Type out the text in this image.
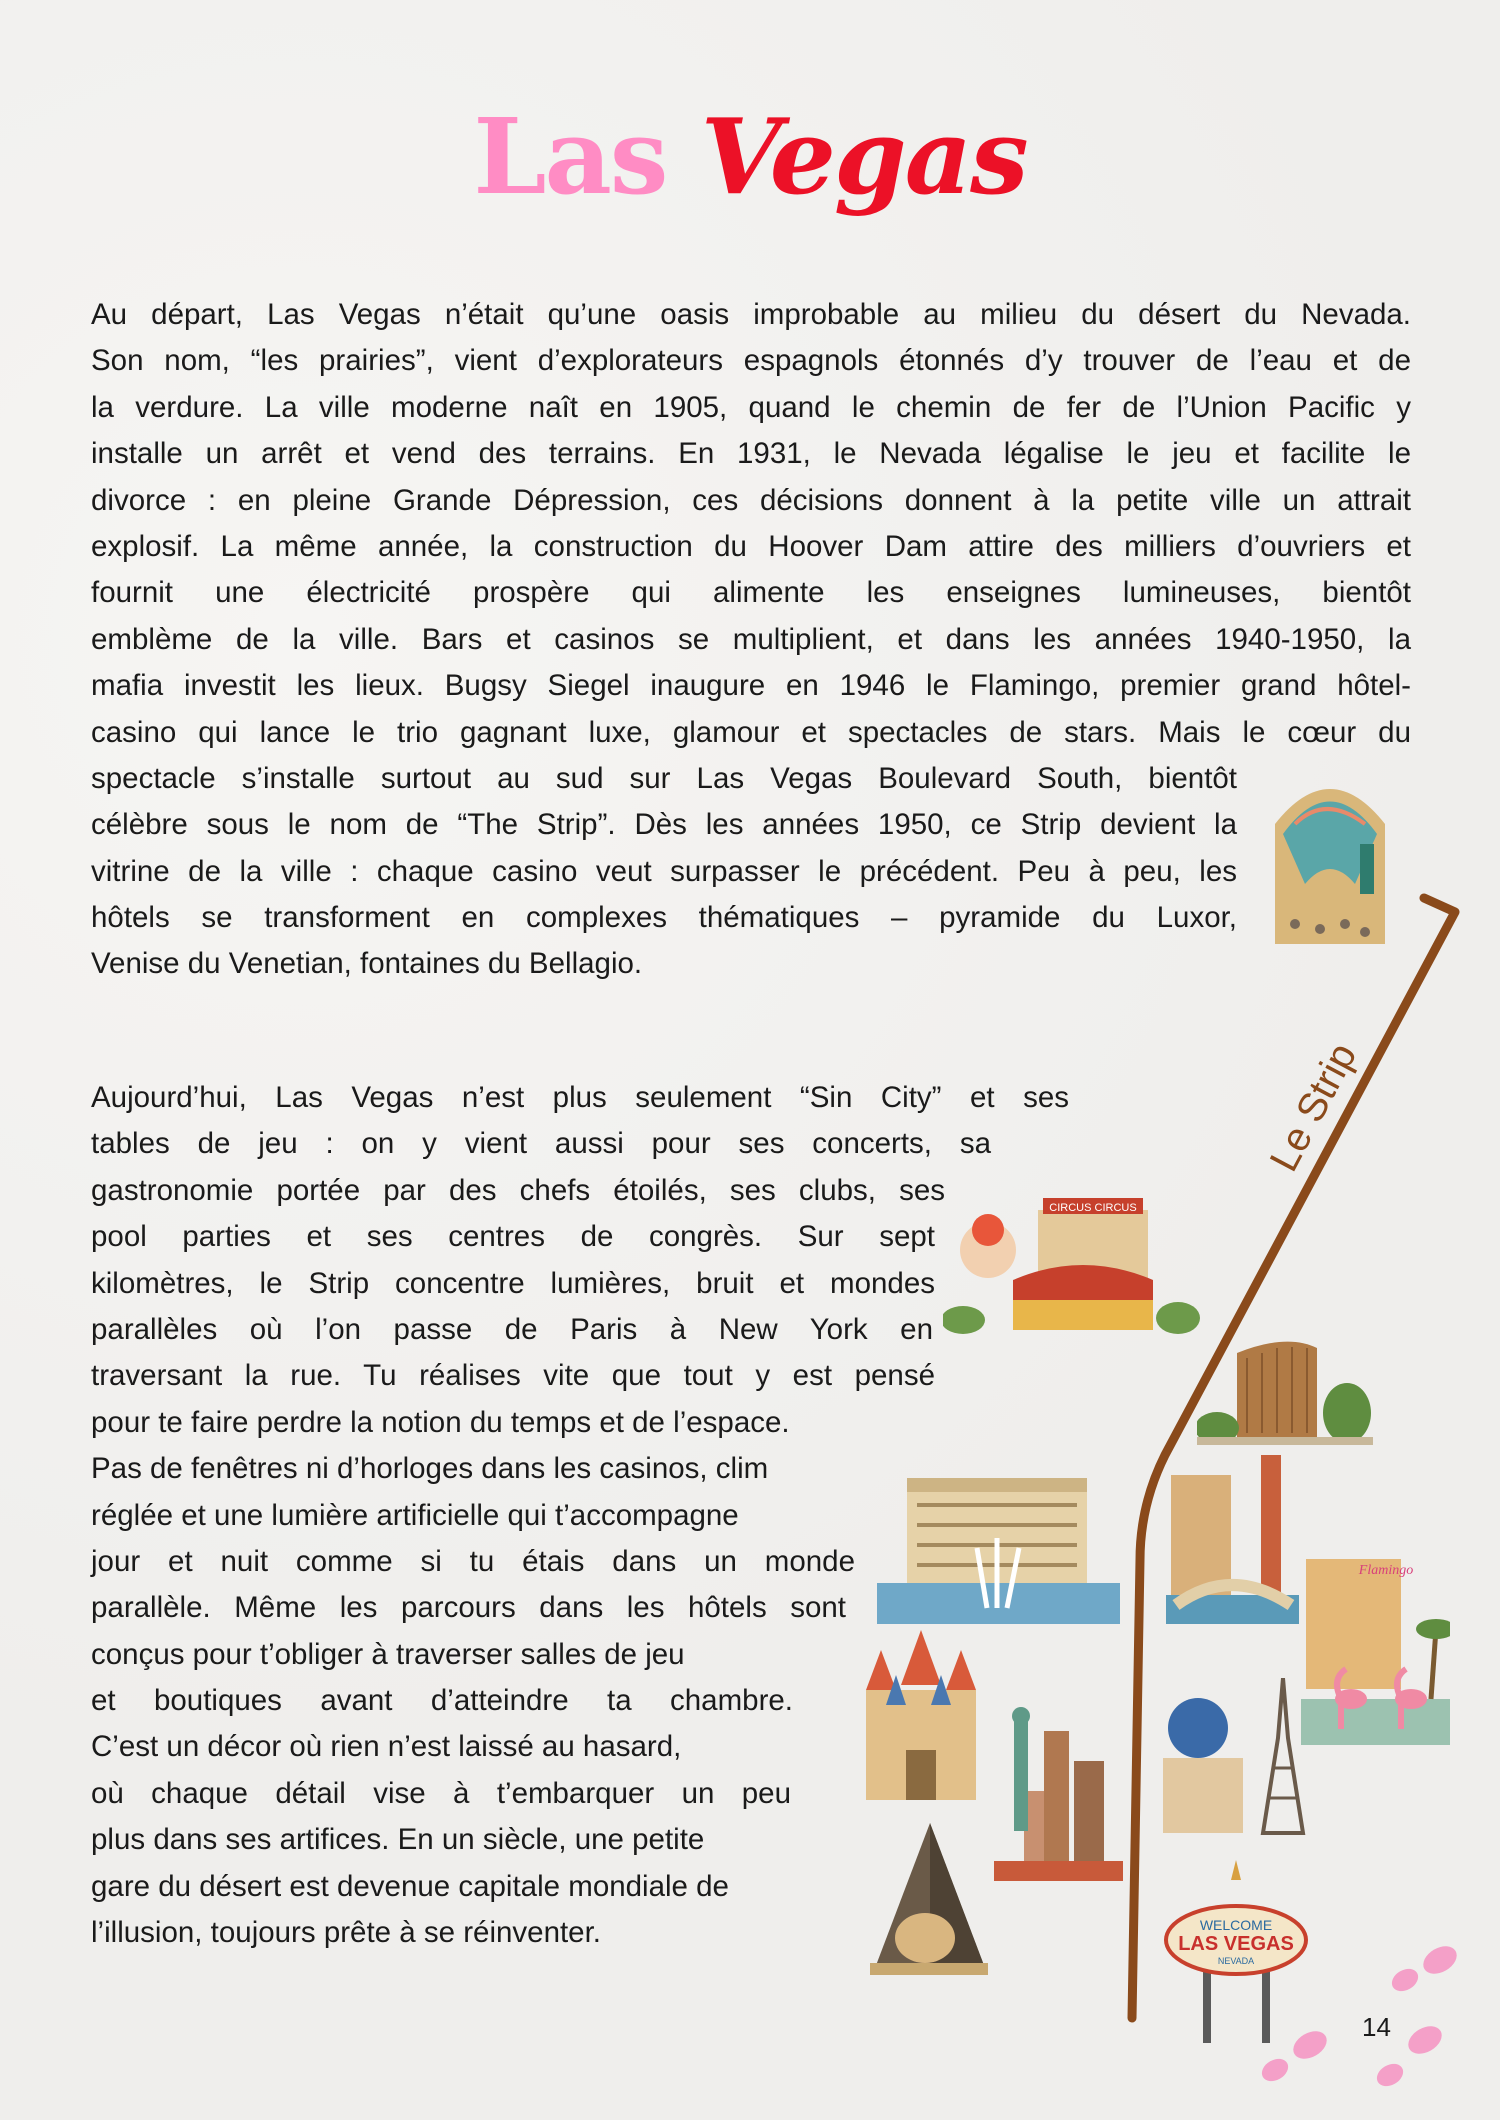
Las Vegas
Au départ, Las Vegas n’était qu’une oasis improbable au milieu du désert du Nevada.
Son nom, “les prairies”, vient d’explorateurs espagnols étonnés d’y trouver de l’eau et de
la verdure. La ville moderne naît en 1905, quand le chemin de fer de l’Union Pacific y
installe un arrêt et vend des terrains. En 1931, le Nevada légalise le jeu et facilite le
divorce : en pleine Grande Dépression, ces décisions donnent à la petite ville un attrait
explosif. La même année, la construction du Hoover Dam attire des milliers d’ouvriers et
fournit une électricité prospère qui alimente les enseignes lumineuses, bientôt
emblème de la ville. Bars et casinos se multiplient, et dans les années 1940-1950, la
mafia investit les lieux. Bugsy Siegel inaugure en 1946 le Flamingo, premier grand hôtel-
casino qui lance le trio gagnant luxe, glamour et spectacles de stars. Mais le cœur du
spectacle s’installe surtout au sud sur Las Vegas Boulevard South, bientôt
célèbre sous le nom de “The Strip”. Dès les années 1950, ce Strip devient la
vitrine de la ville : chaque casino veut surpasser le précédent. Peu à peu, les
hôtels se transforment en complexes thématiques – pyramide du Luxor,
Venise du Venetian, fontaines du Bellagio.
Aujourd’hui, Las Vegas n’est plus seulement “Sin City” et ses
tables de jeu : on y vient aussi pour ses concerts, sa
gastronomie portée par des chefs étoilés, ses clubs, ses
pool parties et ses centres de congrès. Sur sept
kilomètres, le Strip concentre lumières, bruit et mondes
parallèles où l’on passe de Paris à New York en
traversant la rue. Tu réalises vite que tout y est pensé
pour te faire perdre la notion du temps et de l’espace.
Pas de fenêtres ni d’horloges dans les casinos, clim
réglée et une lumière artificielle qui t’accompagne
jour et nuit comme si tu étais dans un monde
parallèle. Même les parcours dans les hôtels sont
conçus pour t’obliger à traverser salles de jeu
et boutiques avant d’atteindre ta chambre.
C’est un décor où rien n’est laissé au hasard,
où chaque détail vise à t’embarquer un peu
plus dans ses artifices. En un siècle, une petite
gare du désert est devenue capitale mondiale de
l’illusion, toujours prête à se réinventer.
Le Strip
CIRCUS CIRCUS
Flamingo
WELCOME
LAS VEGAS
NEVADA
14
